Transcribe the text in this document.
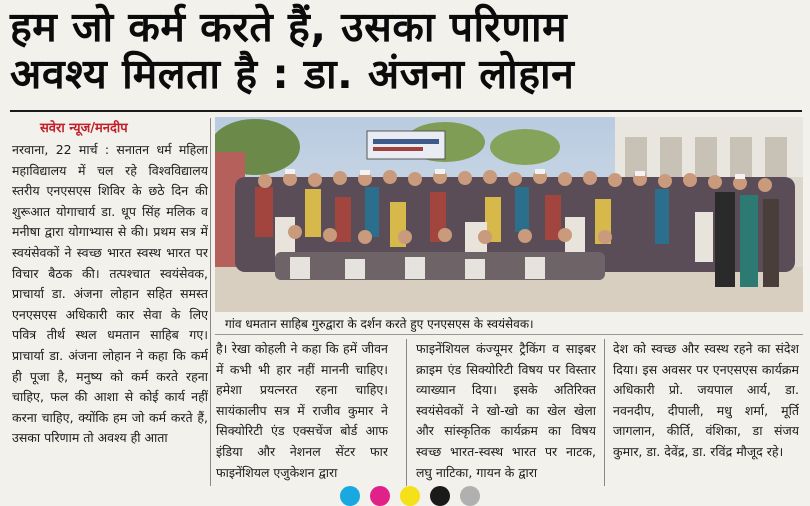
हम जो कर्म करते हैं, उसका परिणाम
अवश्य मिलता है : डा. अंजना लोहान
सवेरा न्यूज/मनदीप
नरवाना, 22 मार्च : सनातन धर्म महिला महाविद्यालय में चल रहे विश्वविद्यालय स्तरीय एनएसएस शिविर के छठे दिन की शुरूआत योगाचार्य डा. धूप सिंह मलिक व मनीषा द्वारा योगाभ्यास से की। प्रथम सत्र में स्वयंसेवकों ने स्वच्छ भारत स्वस्थ भारत पर विचार बैठक की। तत्पश्चात स्वयंसेवक, प्राचार्या डा. अंजना लोहान सहित समस्त एनएसएस अधिकारी कार सेवा के लिए पवित्र तीर्थ स्थल धमतान साहिब गए। प्राचार्या डा. अंजना लोहान ने कहा कि कर्म ही पूजा है, मनुष्य को कर्म करते रहना चाहिए, फल की आशा से कोई कार्य नहीं करना चाहिए, क्योंकि हम जो कर्म करते हैं, उसका परिणाम तो अवश्य ही आता
गांव धमतान साहिब गुरुद्वारा के दर्शन करते हुए एनएसएस के स्वयंसेवक।
है। रेखा कोहली ने कहा कि हमें जीवन में कभी भी हार नहीं माननी चाहिए। हमेशा प्रयत्नरत रहना चाहिए। सायंकालीप सत्र में राजीव कुमार ने सिक्योरिटी एंड एक्सचेंज बोर्ड आफ इंडिया और नेशनल सेंटर फार फाइनेंशियल एजुकेशन द्वारा
फाइनेंशियल कंज्यूमर ट्रैकिंग व साइबर क्राइम एंड सिक्योरिटी विषय पर विस्तार व्याख्यान दिया। इसके अतिरिक्त स्वयंसेवकों ने खो-खो का खेल खेला और सांस्कृतिक कार्यक्रम का विषय स्वच्छ भारत-स्वस्थ भारत पर नाटक, लघु नाटिका, गायन के द्वारा
देश को स्वच्छ और स्वस्थ रहने का संदेश दिया। इस अवसर पर एनएसएस कार्यक्रम अधिकारी प्रो. जयपाल आर्य, डा. नवनदीप, दीपाली, मधु शर्मा, मूर्ति जागलान, कीर्ति, वंशिका, डा संजय कुमार, डा. देवेंद्र, डा. रविंद्र मौजूद रहे।
